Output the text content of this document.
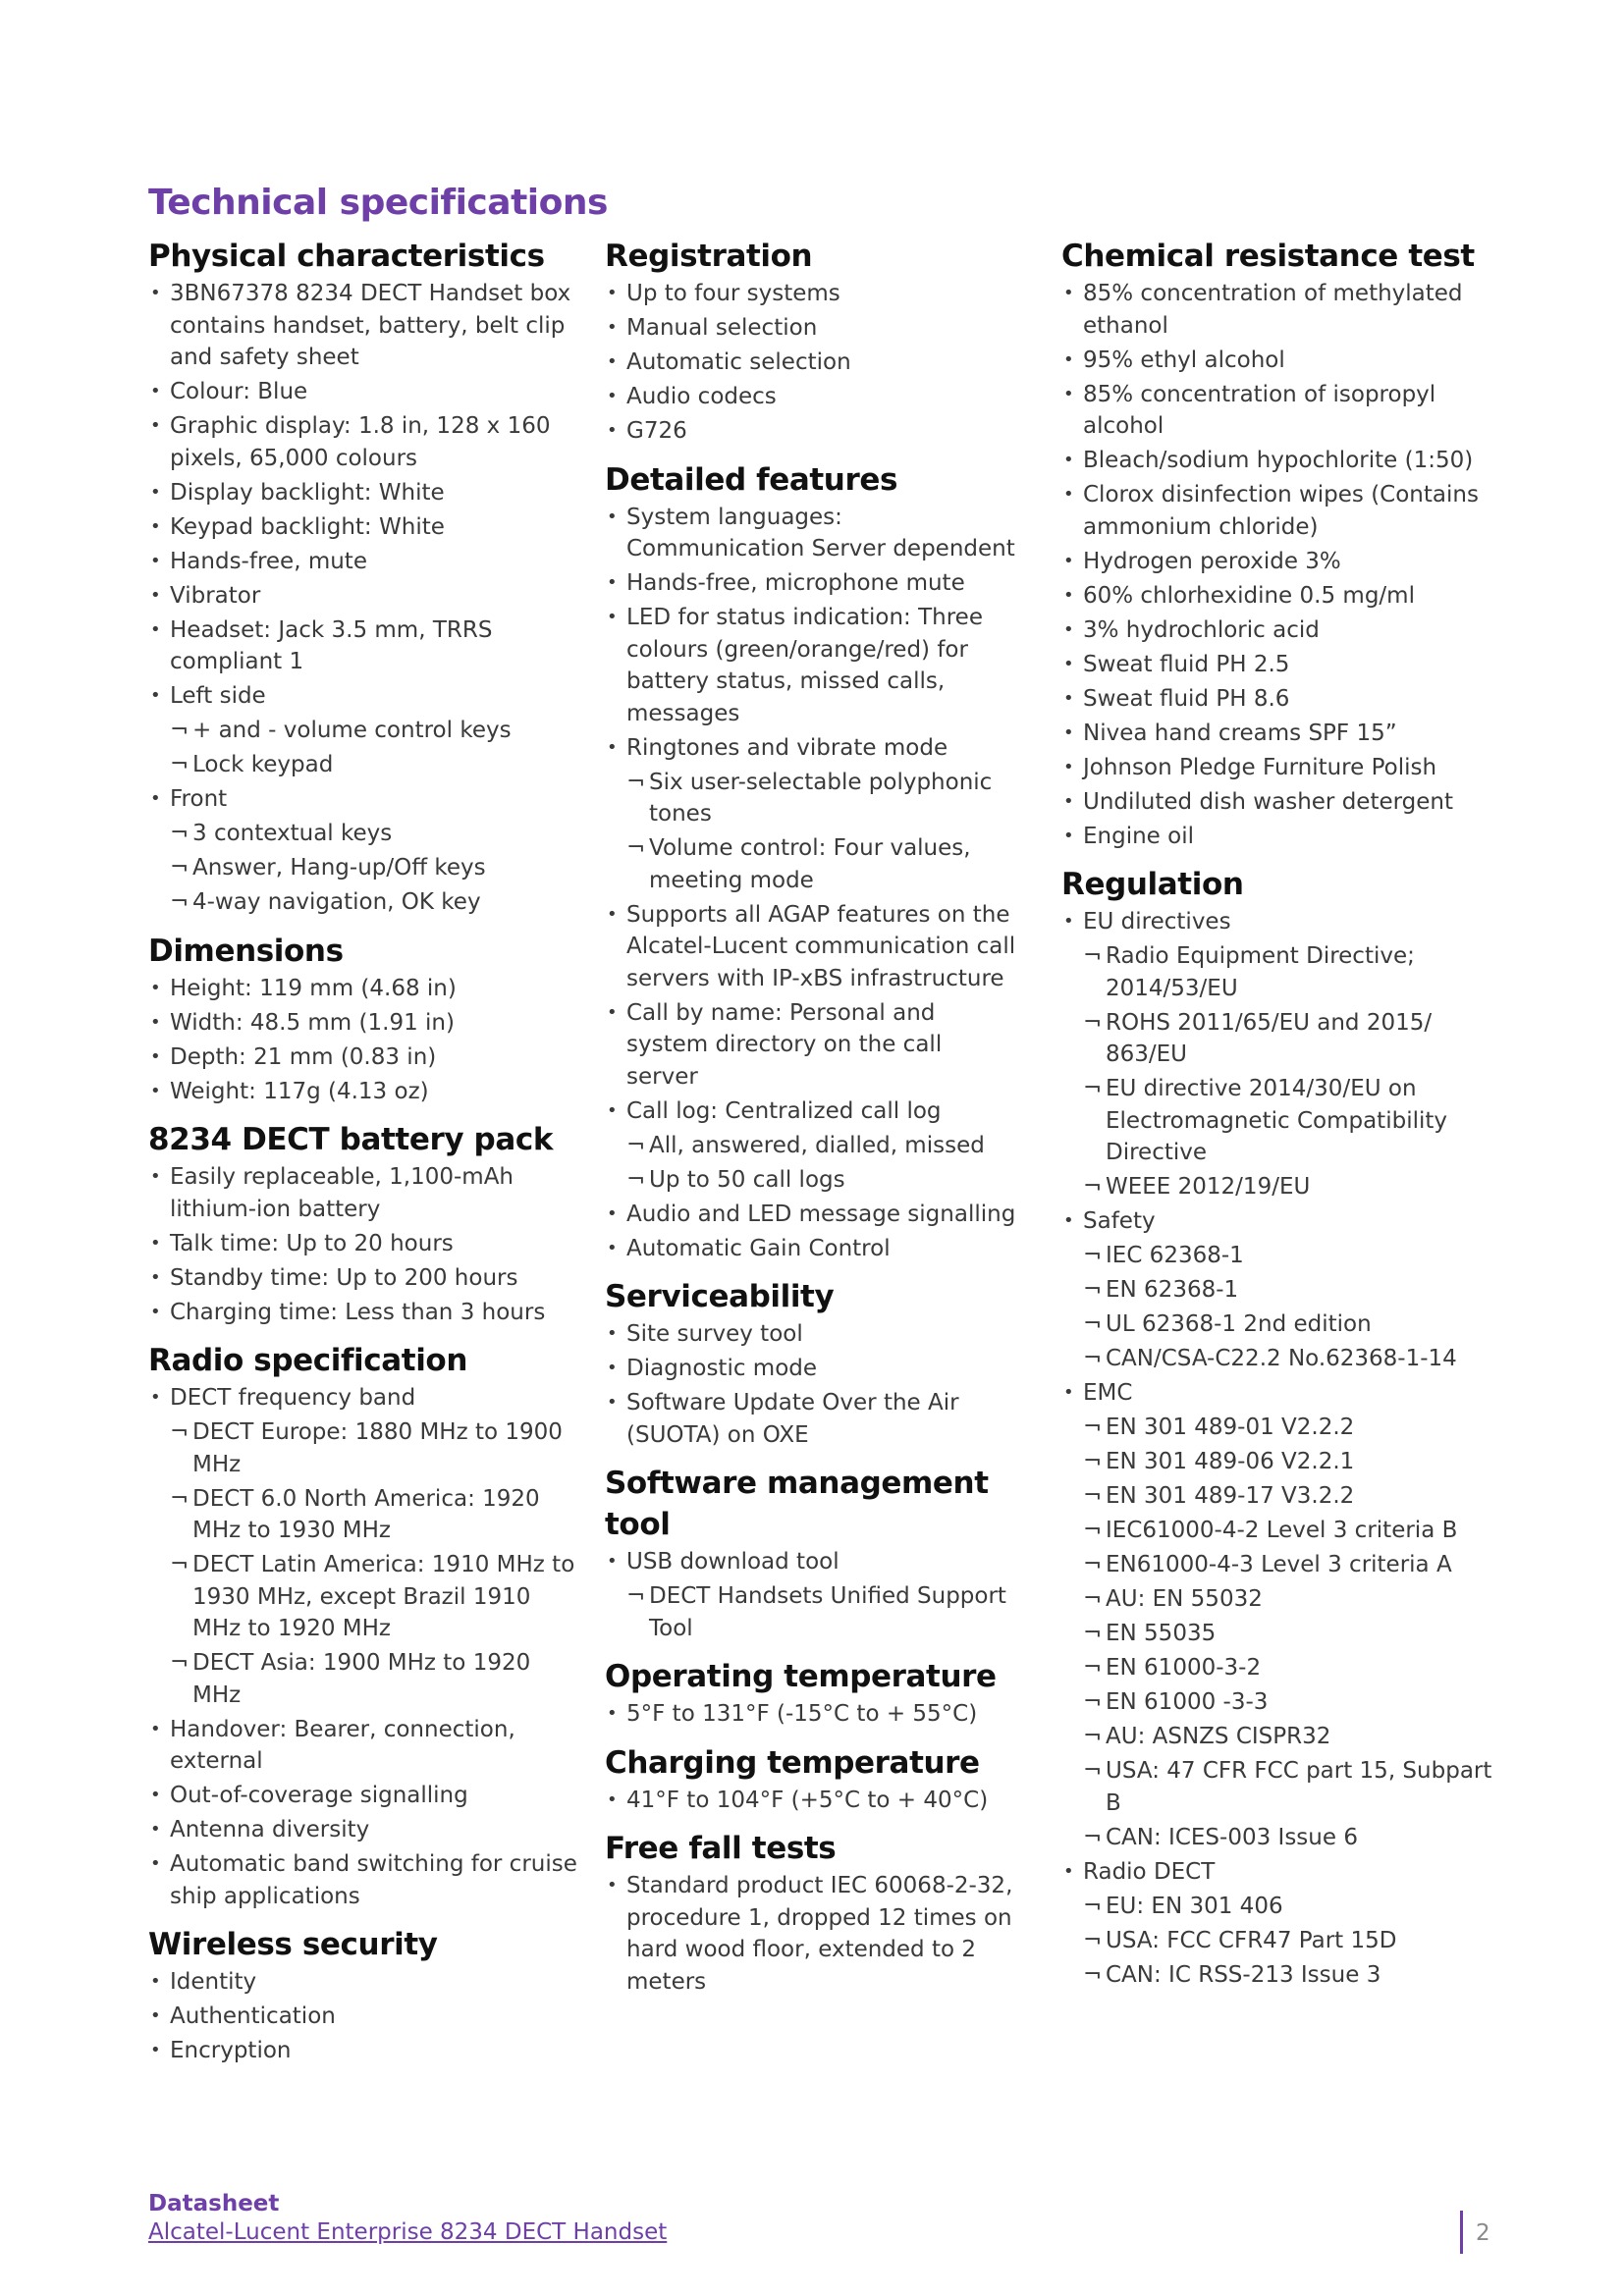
Technical specifications
Physical characteristics
• 3BN67378 8234 DECT Handset box contains handset, battery, belt clip and safety sheet
• Colour: Blue
• Graphic display: 1.8 in, 128 x 160 pixels, 65,000 colours
• Display backlight: White
• Keypad backlight: White
• Hands-free, mute
• Vibrator
• Headset: Jack 3.5 mm, TRRS compliant 1
• Left side
¬ + and - volume control keys
¬ Lock keypad
• Front
¬ 3 contextual keys
¬ Answer, Hang-up/Off keys
¬ 4-way navigation, OK key
Dimensions
• Height: 119 mm (4.68 in)
• Width: 48.5 mm (1.91 in)
• Depth: 21 mm (0.83 in)
• Weight: 117g (4.13 oz)
8234 DECT battery pack
• Easily replaceable, 1,100-mAh lithium-ion battery
• Talk time: Up to 20 hours
• Standby time: Up to 200 hours
• Charging time: Less than 3 hours
Radio specification
• DECT frequency band
¬ DECT Europe: 1880 MHz to 1900 MHz
¬ DECT 6.0 North America: 1920 MHz to 1930 MHz
¬ DECT Latin America: 1910 MHz to 1930 MHz, except Brazil 1910 MHz to 1920 MHz
¬ DECT Asia: 1900 MHz to 1920 MHz
• Handover: Bearer, connection, external
• Out-of-coverage signalling
• Antenna diversity
• Automatic band switching for cruise ship applications
Wireless security
• Identity
• Authentication
• Encryption
Registration
• Up to four systems
• Manual selection
• Automatic selection
• Audio codecs
• G726
Detailed features
• System languages: Communication Server dependent
• Hands-free, microphone mute
• LED for status indication: Three colours (green/orange/red) for battery status, missed calls, messages
• Ringtones and vibrate mode
¬ Six user-selectable polyphonic tones
¬ Volume control: Four values, meeting mode
• Supports all AGAP features on the Alcatel-Lucent communication call servers with IP-xBS infrastructure
• Call by name: Personal and system directory on the call server
• Call log: Centralized call log
¬ All, answered, dialled, missed
¬ Up to 50 call logs
• Audio and LED message signalling
• Automatic Gain Control
Serviceability
• Site survey tool
• Diagnostic mode
• Software Update Over the Air (SUOTA) on OXE
Software management tool
• USB download tool
¬ DECT Handsets Unified Support Tool
Operating temperature
• 5°F to 131°F (-15°C to + 55°C)
Charging temperature
• 41°F to 104°F (+5°C to + 40°C)
Free fall tests
• Standard product IEC 60068-2-32, procedure 1, dropped 12 times on hard wood floor, extended to 2 meters
Chemical resistance test
• 85% concentration of methylated ethanol
• 95% ethyl alcohol
• 85% concentration of isopropyl alcohol
• Bleach/sodium hypochlorite (1:50)
• Clorox disinfection wipes (Contains ammonium chloride)
• Hydrogen peroxide 3%
• 60% chlorhexidine 0.5 mg/ml
• 3% hydrochloric acid
• Sweat fluid PH 2.5
• Sweat fluid PH 8.6
• Nivea hand creams SPF 15”
• Johnson Pledge Furniture Polish
• Undiluted dish washer detergent
• Engine oil
Regulation
• EU directives
¬ Radio Equipment Directive; 2014/53/EU
¬ ROHS 2011/65/EU and 2015/ 863/EU
¬ EU directive 2014/30/EU on Electromagnetic Compatibility Directive
¬ WEEE 2012/19/EU
• Safety
¬ IEC 62368-1
¬ EN 62368-1
¬ UL 62368-1 2nd edition
¬ CAN/CSA-C22.2 No.62368-1-14
• EMC
¬ EN 301 489-01 V2.2.2
¬ EN 301 489-06 V2.2.1
¬ EN 301 489-17 V3.2.2
¬ IEC61000-4-2 Level 3 criteria B
¬ EN61000-4-3 Level 3 criteria A
¬ AU: EN 55032
¬ EN 55035
¬ EN 61000-3-2
¬ EN 61000 -3-3
¬ AU: ASNZS CISPR32
¬ USA: 47 CFR FCC part 15, Subpart B
¬ CAN: ICES-003 Issue 6
• Radio DECT
¬ EU: EN 301 406
¬ USA: FCC CFR47 Part 15D
¬ CAN: IC RSS-213 Issue 3
Datasheet
Alcatel-Lucent Enterprise 8234 DECT Handset	2
